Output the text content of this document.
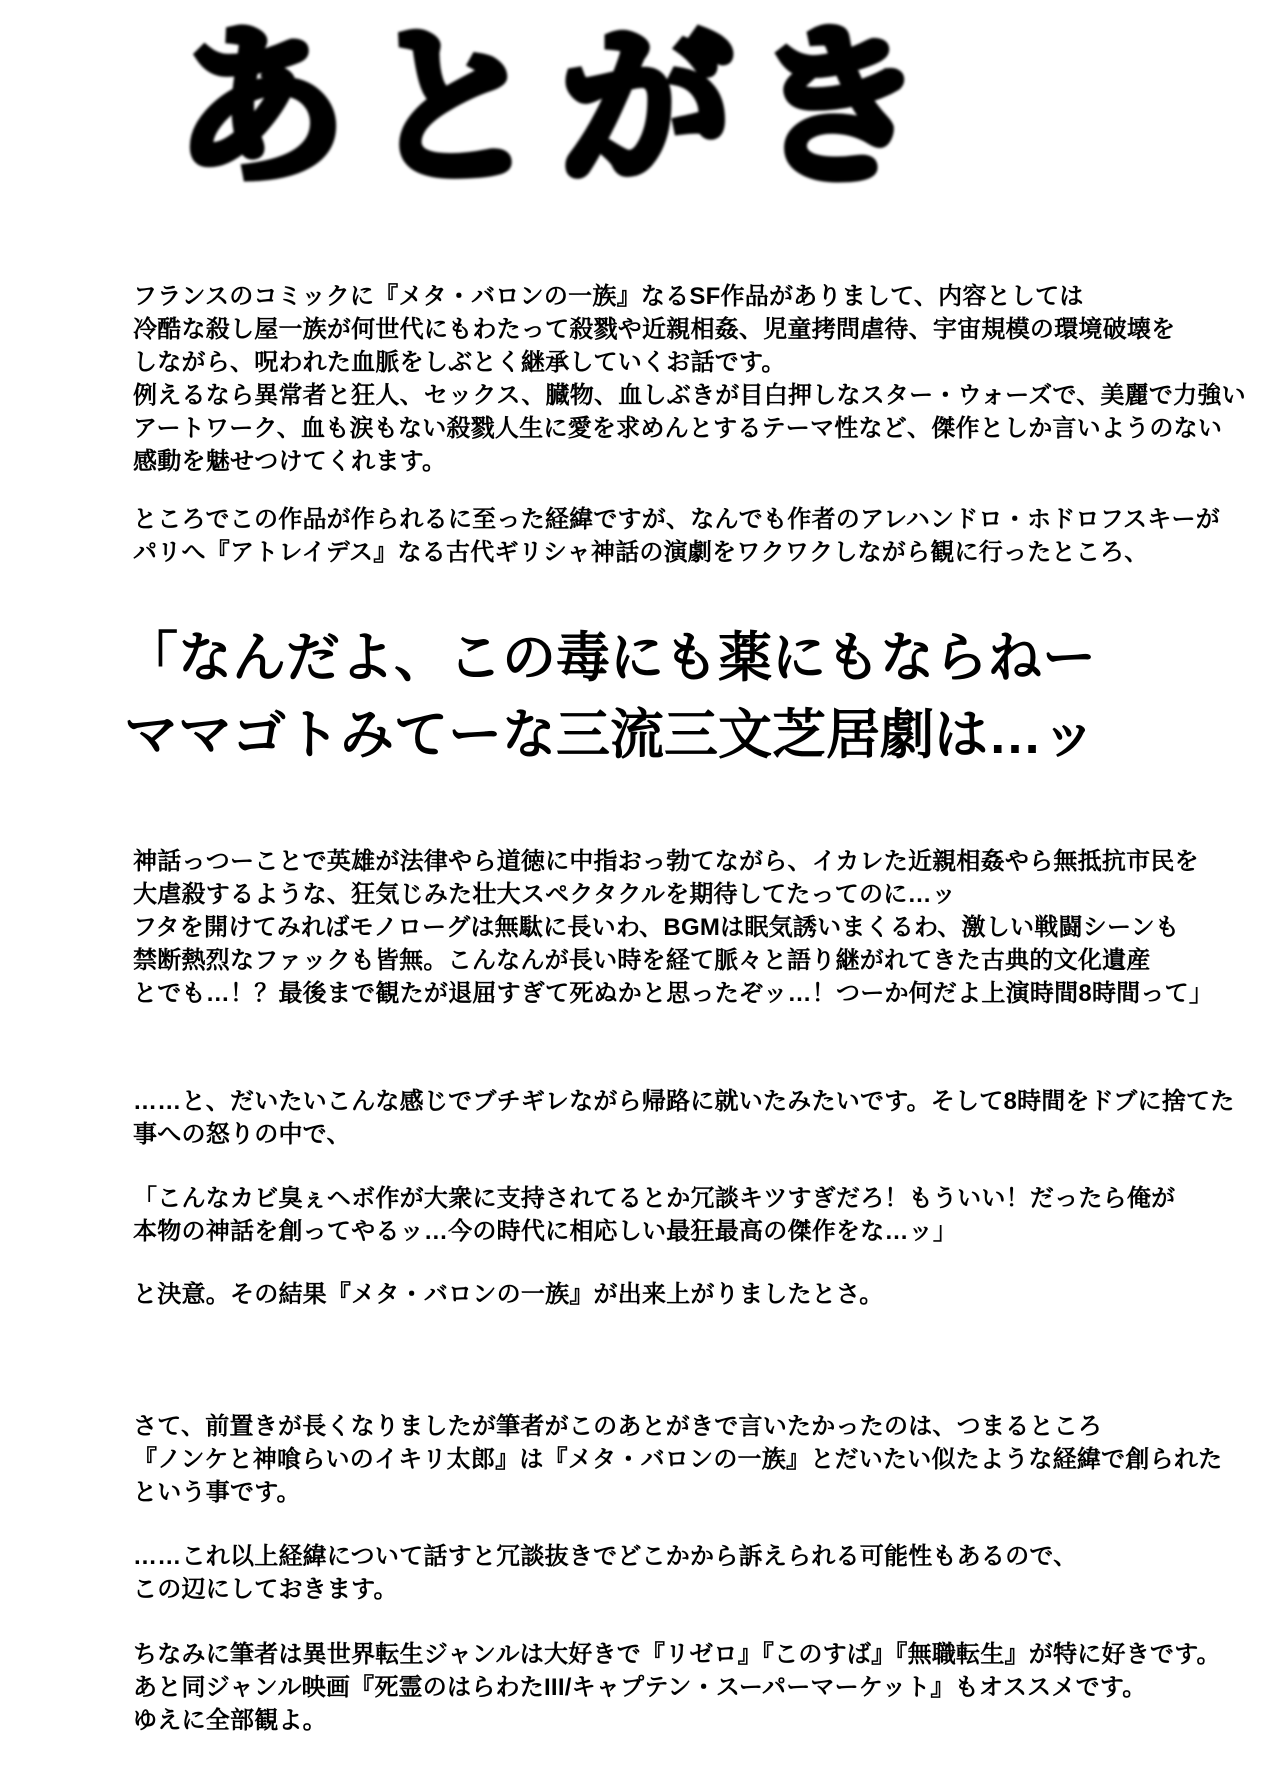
あとがき
フランスのコミックに『メタ・バロンの一族』なるSF作品がありまして、内容としては
冷酷な殺し屋一族が何世代にもわたって殺戮や近親相姦、児童拷問虐待、宇宙規模の環境破壊を
しながら、呪われた血脈をしぶとく継承していくお話です。
例えるなら異常者と狂人、セックス、臓物、血しぶきが目白押しなスター・ウォーズで、美麗で力強い
アートワーク、血も涙もない殺戮人生に愛を求めんとするテーマ性など、傑作としか言いようのない
感動を魅せつけてくれます。
ところでこの作品が作られるに至った経緯ですが、なんでも作者のアレハンドロ・ホドロフスキーが
パリへ『アトレイデス』なる古代ギリシャ神話の演劇をワクワクしながら観に行ったところ、
「なんだよ、この毒にも薬にもならねー
ママゴトみてーな三流三文芝居劇は…ッ
神話っつーことで英雄が法律やら道徳に中指おっ勃てながら、イカレた近親相姦やら無抵抗市民を
大虐殺するような、狂気じみた壮大スペクタクルを期待してたってのに…ッ
フタを開けてみればモノローグは無駄に長いわ、BGMは眠気誘いまくるわ、激しい戦闘シーンも
禁断熱烈なファックも皆無。こんなんが長い時を経て脈々と語り継がれてきた古典的文化遺産
とでも…！？最後まで観たが退屈すぎて死ぬかと思ったぞッ…！つーか何だよ上演時間8時間って」
……と、だいたいこんな感じでブチギレながら帰路に就いたみたいです。そして8時間をドブに捨てた
事への怒りの中で、
「こんなカビ臭ぇヘボ作が大衆に支持されてるとか冗談キツすぎだろ！もういい！だったら俺が
本物の神話を創ってやるッ…今の時代に相応しい最狂最高の傑作をな…ッ」
と決意。その結果『メタ・バロンの一族』が出来上がりましたとさ。
さて、前置きが長くなりましたが筆者がこのあとがきで言いたかったのは、つまるところ
『ノンケと神喰らいのイキリ太郎』は『メタ・バロンの一族』とだいたい似たような経緯で創られた
という事です。
……これ以上経緯について話すと冗談抜きでどこかから訴えられる可能性もあるので、
この辺にしておきます。
ちなみに筆者は異世界転生ジャンルは大好きで『リゼロ』『このすば』『無職転生』が特に好きです。
あと同ジャンル映画『死霊のはらわたIII/キャプテン・スーパーマーケット』もオススメです。
ゆえに全部観よ。
